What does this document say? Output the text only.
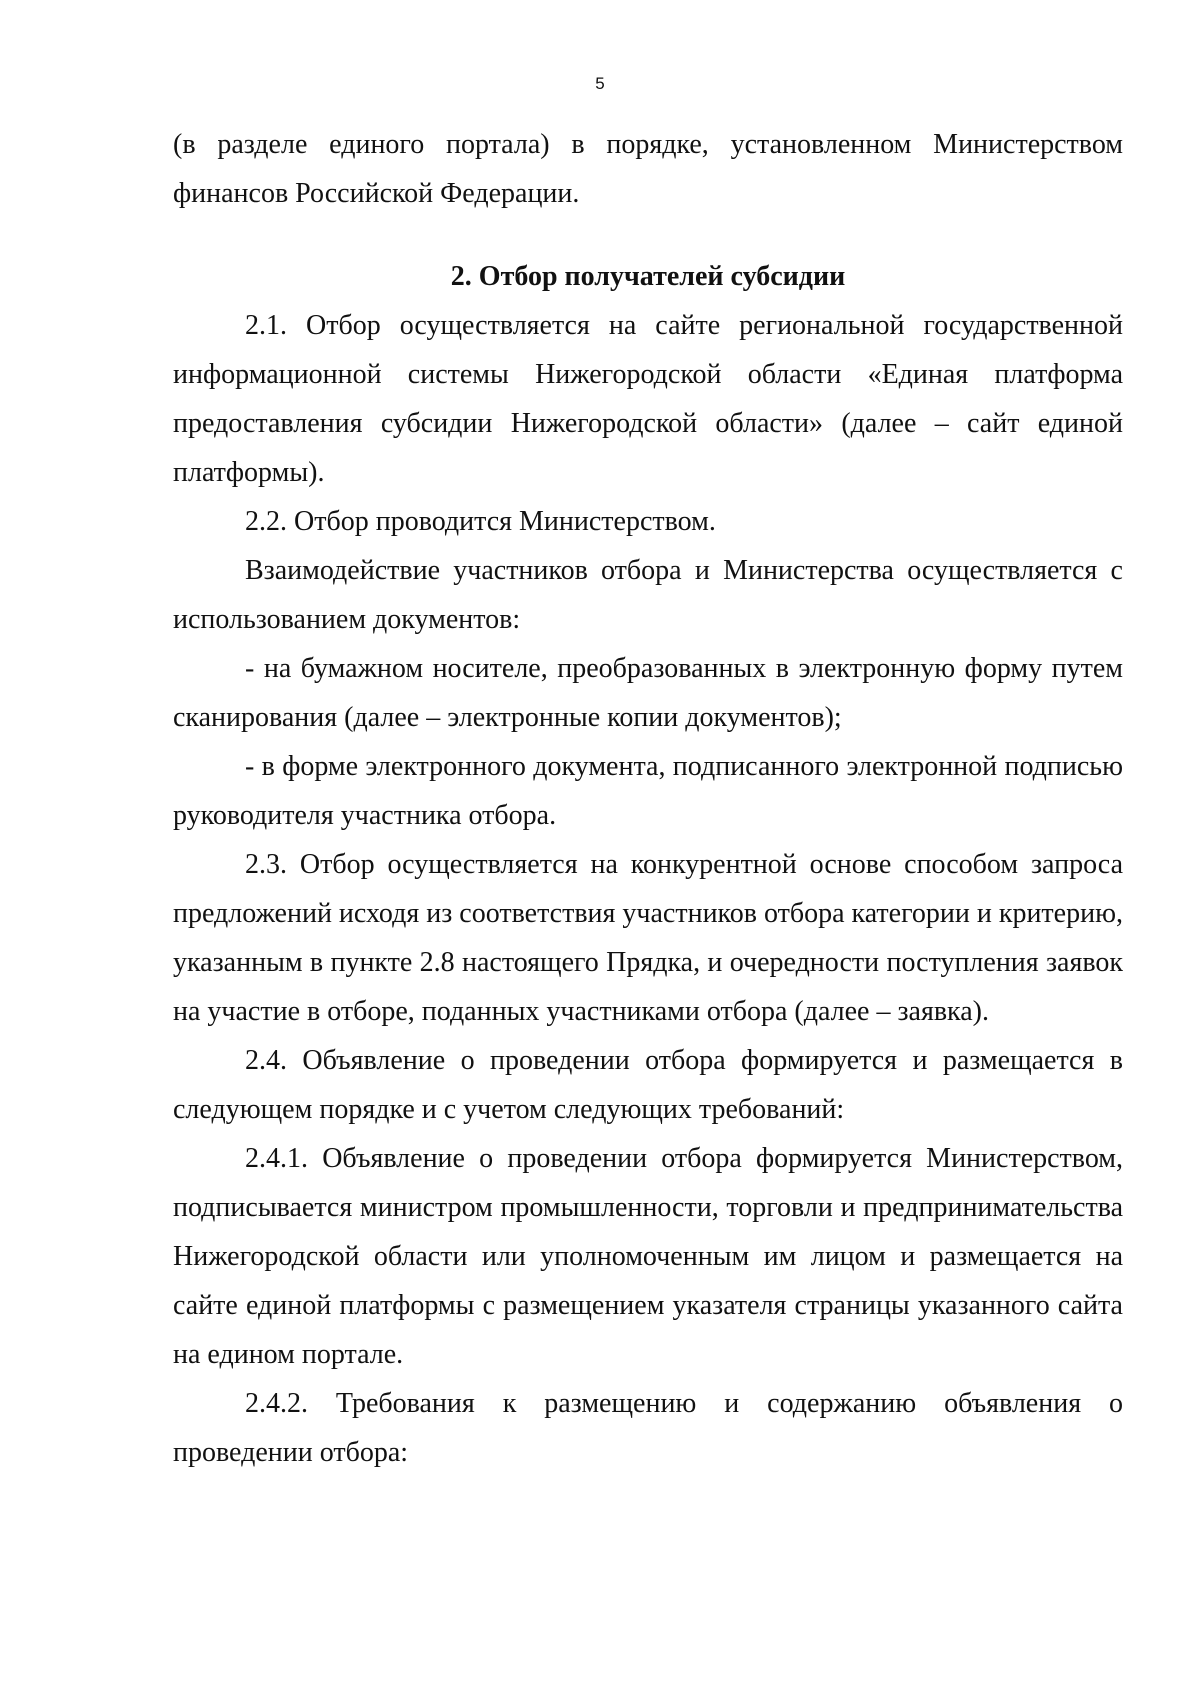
5

(в разделе единого портала) в порядке, установленном Министерством финансов Российской Федерации.

2. Отбор получателей субсидии

2.1. Отбор осуществляется на сайте региональной государственной информационной системы Нижегородской области «Единая платформа предоставления субсидии Нижегородской области» (далее – сайт единой платформы).

2.2. Отбор проводится Министерством.

Взаимодействие участников отбора и Министерства осуществляется с использованием документов:

- на бумажном носителе, преобразованных в электронную форму путем сканирования (далее – электронные копии документов);

- в форме электронного документа, подписанного электронной подписью руководителя участника отбора.

2.3. Отбор осуществляется на конкурентной основе способом запроса предложений исходя из соответствия участников отбора категории и критерию, указанным в пункте 2.8 настоящего Прядка, и очередности поступления заявок на участие в отборе, поданных участниками отбора (далее – заявка).

2.4. Объявление о проведении отбора формируется и размещается в следующем порядке и с учетом следующих требований:

2.4.1. Объявление о проведении отбора формируется Министерством, подписывается министром промышленности, торговли и предпринимательства Нижегородской области или уполномоченным им лицом и размещается на сайте единой платформы с размещением указателя страницы указанного сайта на едином портале.

2.4.2. Требования к размещению и содержанию объявления о проведении отбора:
